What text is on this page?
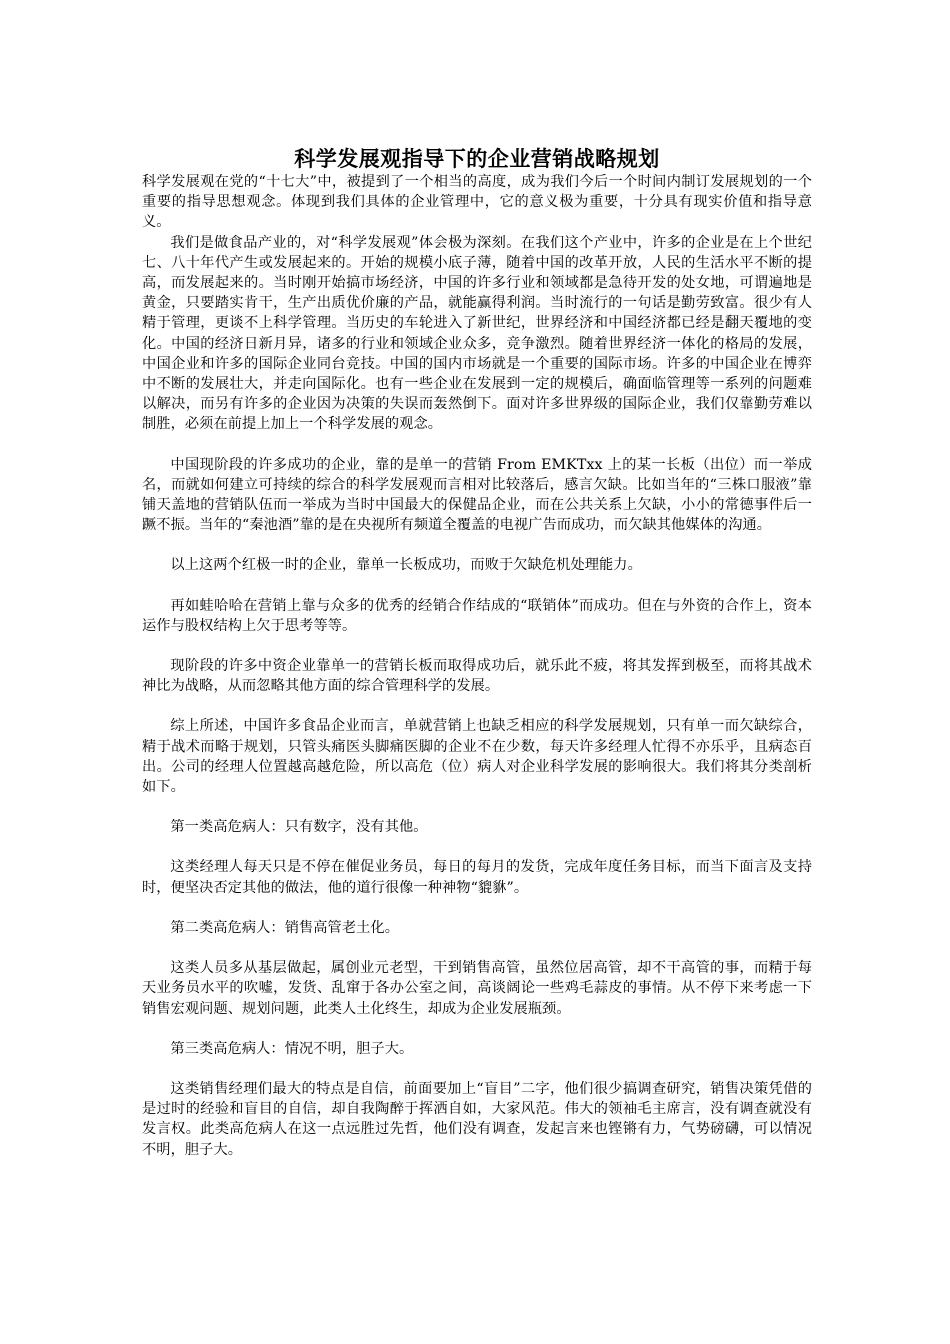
科学发展观指导下的企业营销战略规划

科学发展观在党的“十七大”中，被提到了一个相当的高度，成为我们今后一个时间内制订发展规划的一个重要的指导思想观念。体现到我们具体的企业管理中，它的意义极为重要，十分具有现实价值和指导意义。

我们是做食品产业的，对“科学发展观”体会极为深刻。在我们这个产业中，许多的企业是在上个世纪七、八十年代产生或发展起来的。开始的规模小底子薄，随着中国的改革开放，人民的生活水平不断的提高，而发展起来的。当时刚开始搞市场经济，中国的许多行业和领域都是急待开发的处女地，可谓遍地是黄金，只要踏实肯干，生产出质优价廉的产品，就能赢得利润。当时流行的一句话是勤劳致富。很少有人精于管理，更谈不上科学管理。当历史的车轮进入了新世纪，世界经济和中国经济都已经是翻天覆地的变化。中国的经济日新月异，诸多的行业和领域企业众多，竞争激烈。随着世界经济一体化的格局的发展，中国企业和许多的国际企业同台竞技。中国的国内市场就是一个重要的国际市场。许多的中国企业在博弈中不断的发展壮大，并走向国际化。也有一些企业在发展到一定的规模后，确面临管理等一系列的问题难以解决，而另有许多的企业因为决策的失误而轰然倒下。面对许多世界级的国际企业，我们仅靠勤劳难以制胜，必须在前提上加上一个科学发展的观念。

中国现阶段的许多成功的企业，靠的是单一的营销 From EMKTxx 上的某一长板（出位）而一举成名，而就如何建立可持续的综合的科学发展观而言相对比较落后，感言欠缺。比如当年的“三株口服液”靠铺天盖地的营销队伍而一举成为当时中国最大的保健品企业，而在公共关系上欠缺，小小的常德事件后一蹶不振。当年的“秦池酒”靠的是在央视所有频道全覆盖的电视广告而成功，而欠缺其他媒体的沟通。

以上这两个红极一时的企业，靠单一长板成功，而败于欠缺危机处理能力。

再如蛙哈哈在营销上靠与众多的优秀的经销合作结成的“联销体”而成功。但在与外资的合作上，资本运作与股权结构上欠于思考等等。

现阶段的许多中资企业靠单一的营销长板而取得成功后，就乐此不疲，将其发挥到极至，而将其战术神比为战略，从而忽略其他方面的综合管理科学的发展。

综上所述，中国许多食品企业而言，单就营销上也缺乏相应的科学发展规划，只有单一而欠缺综合，精于战术而略于规划，只管头痛医头脚痛医脚的企业不在少数，每天许多经理人忙得不亦乐乎，且病态百出。公司的经理人位置越高越危险，所以高危（位）病人对企业科学发展的影响很大。我们将其分类剖析如下。

第一类高危病人：只有数字，没有其他。

这类经理人每天只是不停在催促业务员，每日的每月的发货，完成年度任务目标，而当下面言及支持时，便坚决否定其他的做法，他的道行很像一种神物“貔貅”。

第二类高危病人：销售高管老土化。

这类人员多从基层做起，属创业元老型，干到销售高管，虽然位居高管，却不干高管的事，而精于每天业务员水平的吹嘘，发货、乱窜于各办公室之间，高谈阔论一些鸡毛蒜皮的事情。从不停下来考虑一下销售宏观问题、规划问题，此类人土化终生，却成为企业发展瓶颈。

第三类高危病人：情况不明，胆子大。

这类销售经理们最大的特点是自信，前面要加上“盲目”二字，他们很少搞调查研究，销售决策凭借的是过时的经验和盲目的自信，却自我陶醉于挥洒自如，大家风范。伟大的领袖毛主席言，没有调查就没有发言权。此类高危病人在这一点远胜过先哲，他们没有调查，发起言来也铿锵有力，气势磅礴，可以情况不明，胆子大。
